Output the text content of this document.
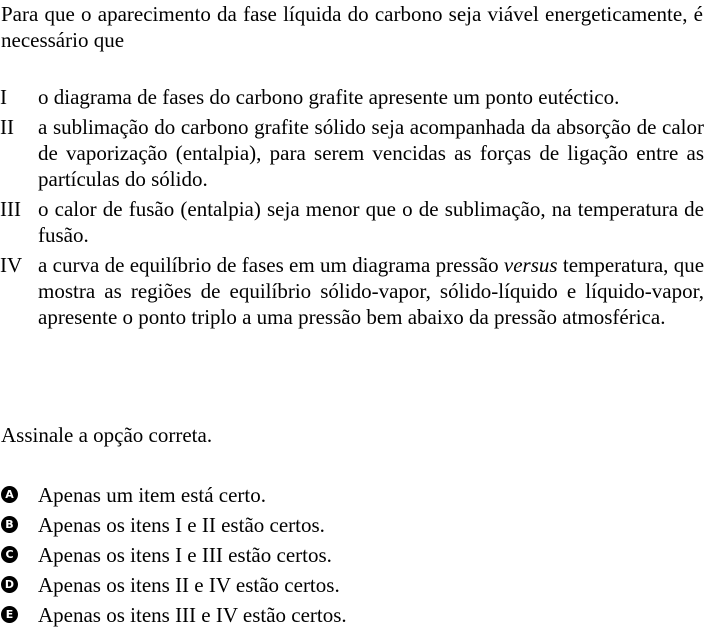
Para que o aparecimento da fase líquida do carbono seja viável energeticamente, é necessário que
I	o diagrama de fases do carbono grafite apresente um ponto eutéctico.
II	a sublimação do carbono grafite sólido seja acompanhada da absorção de calor de vaporização (entalpia), para serem vencidas as forças de ligação entre as partículas do sólido.
III o calor de fusão (entalpia) seja menor que o de sublimação, na temperatura de fusão.
IV a curva de equilíbrio de fases em um diagrama pressão versus temperatura, que mostra as regiões de equilíbrio sólido-vapor, sólido-líquido e líquido-vapor, apresente o ponto triplo a uma pressão bem abaixo da pressão atmosférica.
Assinale a opção correta.
A Apenas um item está certo.
B Apenas os itens I e II estão certos.
C Apenas os itens I e III estão certos.
D Apenas os itens II e IV estão certos.
E Apenas os itens III e IV estão certos.
